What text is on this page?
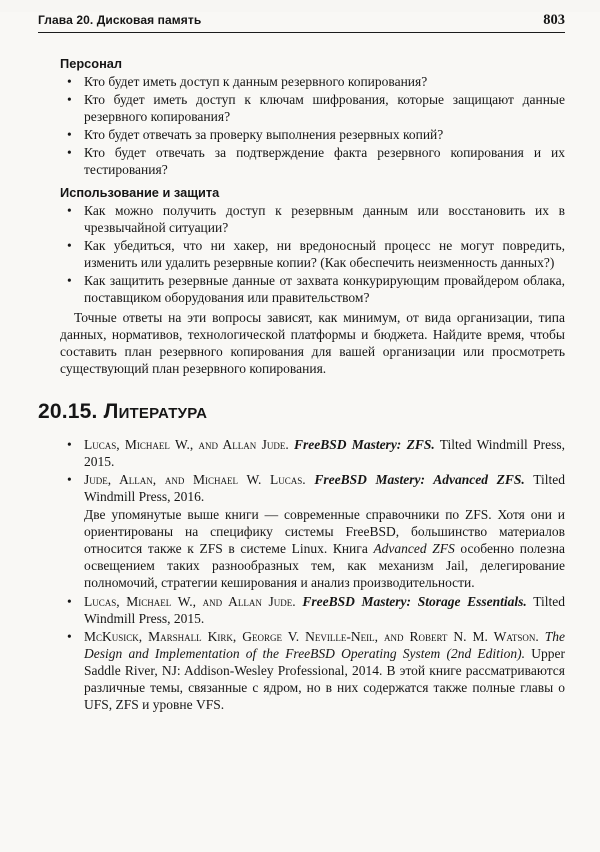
Глава 20. Дисковая память	803
Персонал
• Кто будет иметь доступ к данным резервного копирования?
• Кто будет иметь доступ к ключам шифрования, которые защищают данные резервного копирования?
• Кто будет отвечать за проверку выполнения резервных копий?
• Кто будет отвечать за подтверждение факта резервного копирования и их тестирования?
Использование и защита
• Как можно получить доступ к резервным данным или восстановить их в чрезвычайной ситуации?
• Как убедиться, что ни хакер, ни вредоносный процесс не могут повредить, изменить или удалить резервные копии? (Как обеспечить неизменность данных?)
• Как защитить резервные данные от захвата конкурирующим провайдером облака, поставщиком оборудования или правительством?

Точные ответы на эти вопросы зависят, как минимум, от вида организации, типа данных, нормативов, технологической платформы и бюджета. Найдите время, чтобы составить план резервного копирования для вашей организации или просмотреть существующий план резервного копирования.

20.15. Литература
• Lucas, Michael W., and Allan Jude. FreeBSD Mastery: ZFS. Tilted Windmill Press, 2015.
• Jude, Allan, and Michael W. Lucas. FreeBSD Mastery: Advanced ZFS. Tilted Windmill Press, 2016.
Две упомянутые выше книги — современные справочники по ZFS. Хотя они и ориентированы на специфику системы FreeBSD, большинство материалов относится также к ZFS в системе Linux. Книга Advanced ZFS особенно полезна освещением таких разнообразных тем, как механизм Jail, делегирование полномочий, стратегии кеширования и анализ производительности.
• Lucas, Michael W., and Allan Jude. FreeBSD Mastery: Storage Essentials. Tilted Windmill Press, 2015.
• McKusick, Marshall Kirk, George V. Neville-Neil, and Robert N. M. Watson. The Design and Implementation of the FreeBSD Operating System (2nd Edition). Upper Saddle River, NJ: Addison-Wesley Professional, 2014. В этой книге рассматриваются различные темы, связанные с ядром, но в них содержатся также полные главы о UFS, ZFS и уровне VFS.
